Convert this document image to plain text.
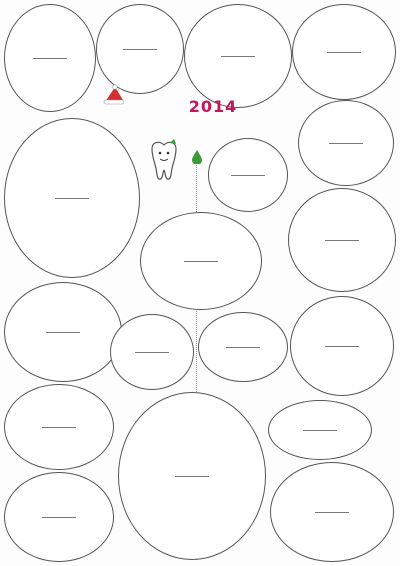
2014
